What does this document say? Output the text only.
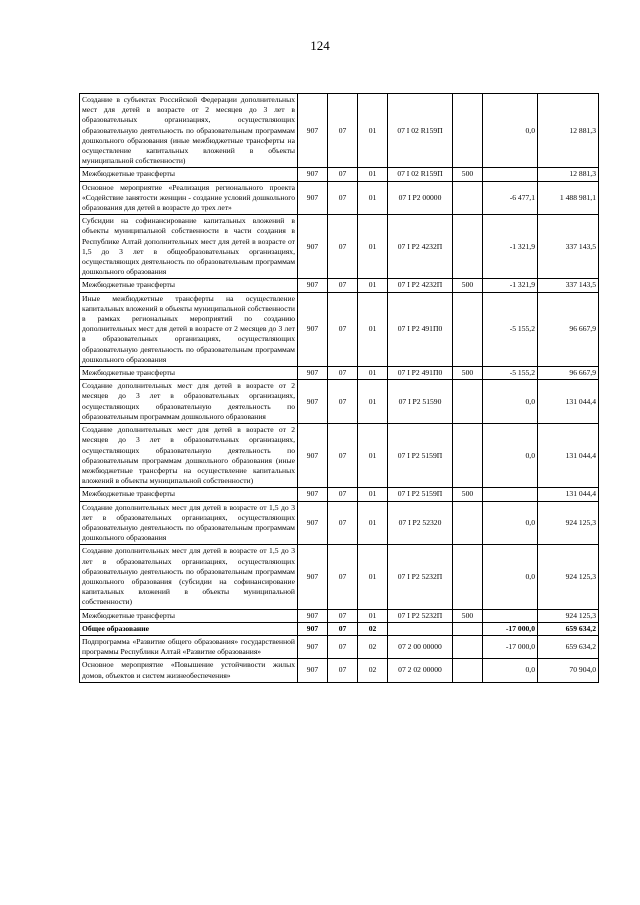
124
Создание в субъектах Российской Федерации дополнительных мест для детей в возрасте от 2 месяцев до 3 лет в образовательных организациях, осуществляющих образовательную деятельность по образовательным программам дошкольного образования (иные межбюджетные трансферты на осуществление капитальных вложений в объекты муниципальной собственности)	907	07	01	07 I 02 R159П		0,0	12 881,3
Межбюджетные трансферты	907	07	01	07 I 02 R159П	500		12 881,3
Основное мероприятие «Реализация регионального проекта «Содействие занятости женщин - создание условий дошкольного образования для детей в возрасте до трех лет»	907	07	01	07 I P2 00000		-6 477,1	1 488 981,1
Субсидии на софинансирование капитальных вложений в объекты муниципальной собственности в части создания в Республике Алтай дополнительных мест для детей в возрасте от 1,5 до 3 лет в общеобразовательных организациях, осуществляющих деятельность по образовательным программам дошкольного образования	907	07	01	07 I P2 4232П		-1 321,9	337 143,5
Межбюджетные трансферты	907	07	01	07 I P2 4232П	500	-1 321,9	337 143,5
Иные межбюджетные трансферты на осуществление капитальных вложений в объекты муниципальной собственности в рамках региональных мероприятий по созданию дополнительных мест для детей в возрасте от 2 месяцев до 3 лет в образовательных организациях, осуществляющих образовательную деятельность по образовательным программам дошкольного образования	907	07	01	07 I P2 491П0		-5 155,2	96 667,9
Межбюджетные трансферты	907	07	01	07 I P2 491П0	500	-5 155,2	96 667,9
Создание дополнительных мест для детей в возрасте от 2 месяцев до 3 лет в образовательных организациях, осуществляющих образовательную деятельность по образовательным программам дошкольного образования	907	07	01	07 I P2 51590		0,0	131 044,4
Создание дополнительных мест для детей в возрасте от 2 месяцев до 3 лет в образовательных организациях, осуществляющих образовательную деятельность по образовательным программам дошкольного образования (иные межбюджетные трансферты на осуществление капитальных вложений в объекты муниципальной собственности)	907	07	01	07 I P2 5159П		0,0	131 044,4
Межбюджетные трансферты	907	07	01	07 I P2 5159П	500		131 044,4
Создание дополнительных мест для детей в возрасте от 1,5 до 3 лет в образовательных организациях, осуществляющих образовательную деятельность по образовательным программам дошкольного образования	907	07	01	07 I P2 52320		0,0	924 125,3
Создание дополнительных мест для детей в возрасте от 1,5 до 3 лет в образовательных организациях, осуществляющих образовательную деятельность по образовательным программам дошкольного образования (субсидии на софинансирование капитальных вложений в объекты муниципальной собственности)	907	07	01	07 I P2 5232П		0,0	924 125,3
Межбюджетные трансферты	907	07	01	07 I P2 5232П	500		924 125,3
Общее образование	907	07	02			-17 000,0	659 634,2
Подпрограмма «Развитие общего образования» государственной программы Республики Алтай «Развитие образования»	907	07	02	07 2 00 00000		-17 000,0	659 634,2
Основное мероприятие «Повышение устойчивости жилых домов, объектов и систем жизнеобеспечения»	907	07	02	07 2 02 00000		0,0	70 904,0
